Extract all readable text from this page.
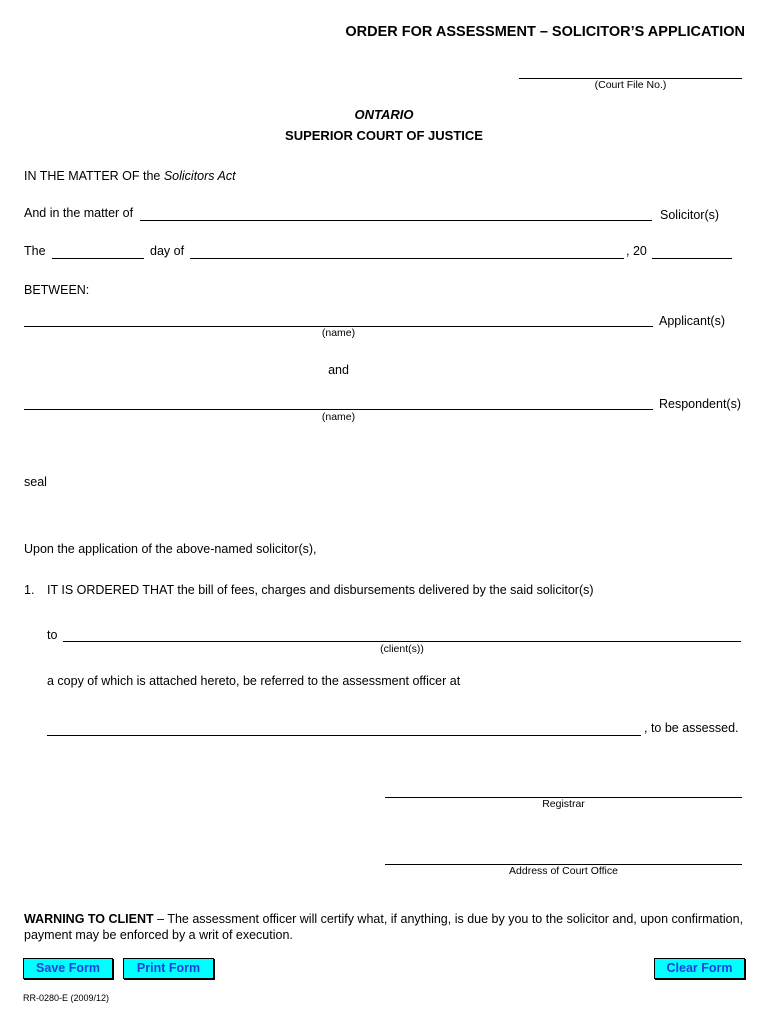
ORDER FOR ASSESSMENT – SOLICITOR’S APPLICATION
(Court File No.)
ONTARIO
SUPERIOR COURT OF JUSTICE
IN THE MATTER OF the Solicitors Act
And in the matter of	Solicitor(s)
The	day of	, 20
BETWEEN:
Applicant(s)
(name)
and
Respondent(s)
(name)
seal
Upon the application of the above-named solicitor(s),
1. IT IS ORDERED THAT the bill of fees, charges and disbursements delivered by the said solicitor(s)
to
(client(s))
a copy of which is attached hereto, be referred to the assessment officer at
, to be assessed.
Registrar
Address of Court Office
WARNING TO CLIENT – The assessment officer will certify what, if anything, is due by you to the solicitor and, upon confirmation, payment may be enforced by a writ of execution.
Save Form	Print Form	Clear Form
RR-0280-E (2009/12)
